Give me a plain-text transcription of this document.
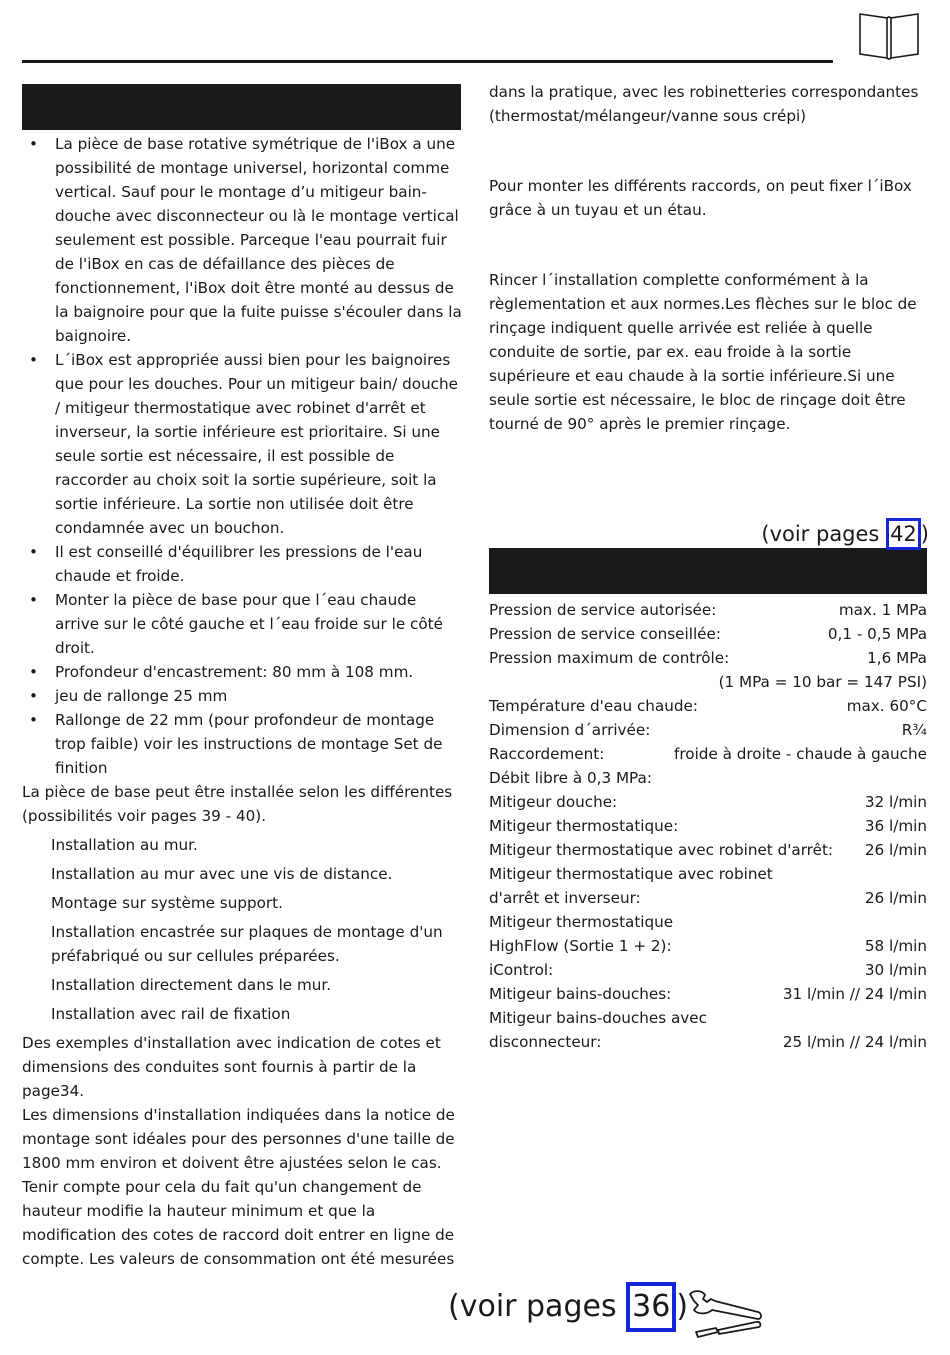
• La pièce de base rotative symétrique de l'iBox a une possibilité de montage universel, horizontal comme vertical. Sauf pour le montage d’u mitigeur bain-douche avec disconnecteur ou là le montage vertical seulement est possible. Parceque l'eau pourrait fuir de l'iBox en cas de défaillance des pièces de fonctionnement, l'iBox doit être monté au dessus de la baignoire pour que la fuite puisse s'écouler dans la baignoire.
• L´iBox est appropriée aussi bien pour les baignoires que pour les douches. Pour un mitigeur bain/ douche / mitigeur thermostatique avec robinet d'arrêt et inverseur, la sortie inférieure est prioritaire. Si une seule sortie est nécessaire, il est possible de raccorder au choix soit la sortie supérieure, soit la sortie inférieure. La sortie non utilisée doit être condamnée avec un bouchon.
• Il est conseillé d'équilibrer les pressions de l'eau chaude et froide.
• Monter la pièce de base pour que l´eau chaude arrive sur le côté gauche et l´eau froide sur le côté droit.
• Profondeur d'encastrement: 80 mm à 108 mm.
• jeu de rallonge 25 mm
• Rallonge de 22 mm (pour profondeur de montage trop faible) voir les instructions de montage Set de finition

La pièce de base peut être installée selon les différentes (possibilités voir pages 39 - 40).

Installation au mur.
Installation au mur avec une vis de distance.
Montage sur système support.
Installation encastrée sur plaques de montage d'un préfabriqué ou sur cellules préparées.
Installation directement dans le mur.
Installation avec rail de fixation

Des exemples d'installation avec indication de cotes et dimensions des conduites sont fournis à partir de la page34.

Les dimensions d'installation indiquées dans la notice de montage sont idéales pour des personnes d'une taille de 1800 mm environ et doivent être ajustées selon le cas. Tenir compte pour cela du fait qu'un changement de hauteur modifie la hauteur minimum et que la modification des cotes de raccord doit entrer en ligne de compte. Les valeurs de consommation ont été mesurées

dans la pratique, avec les robinetteries correspondantes (thermostat/mélangeur/vanne sous crépi)

Pour monter les différents raccords, on peut fixer l´iBox grâce à un tuyau et un étau.

Rincer l´installation complette conformément à la règlementation et aux normes.Les flèches sur le bloc de rinçage indiquent quelle arrivée est reliée à quelle conduite de sortie, par ex. eau froide à la sortie supérieure et eau chaude à la sortie inférieure.Si une seule sortie est nécessaire, le bloc de rinçage doit être tourné de 90° après le premier rinçage.

(voir pages 42 )
Pression de service autorisée:	max. 1 MPa
Pression de service conseillée:	0,1 - 0,5 MPa
Pression maximum de contrôle:	1,6 MPa
(1 MPa = 10 bar = 147 PSI)
Température d'eau chaude:	max. 60°C
Dimension d´arrivée:	R¾
Raccordement:	froide à droite - chaude à gauche
Débit libre à 0,3 MPa:
Mitigeur douche:	32 l/min
Mitigeur thermostatique:	36 l/min
Mitigeur thermostatique avec robinet d'arrêt: 26 l/min
Mitigeur thermostatique avec robinet
d'arrêt et inverseur:	26 l/min
Mitigeur thermostatique
HighFlow (Sortie 1 + 2):	58 l/min
iControl:	30 l/min
Mitigeur bains-douches:	31 l/min // 24 l/min
Mitigeur bains-douches avec
disconnecteur:	25 l/min // 24 l/min
(voir pages 36 )
